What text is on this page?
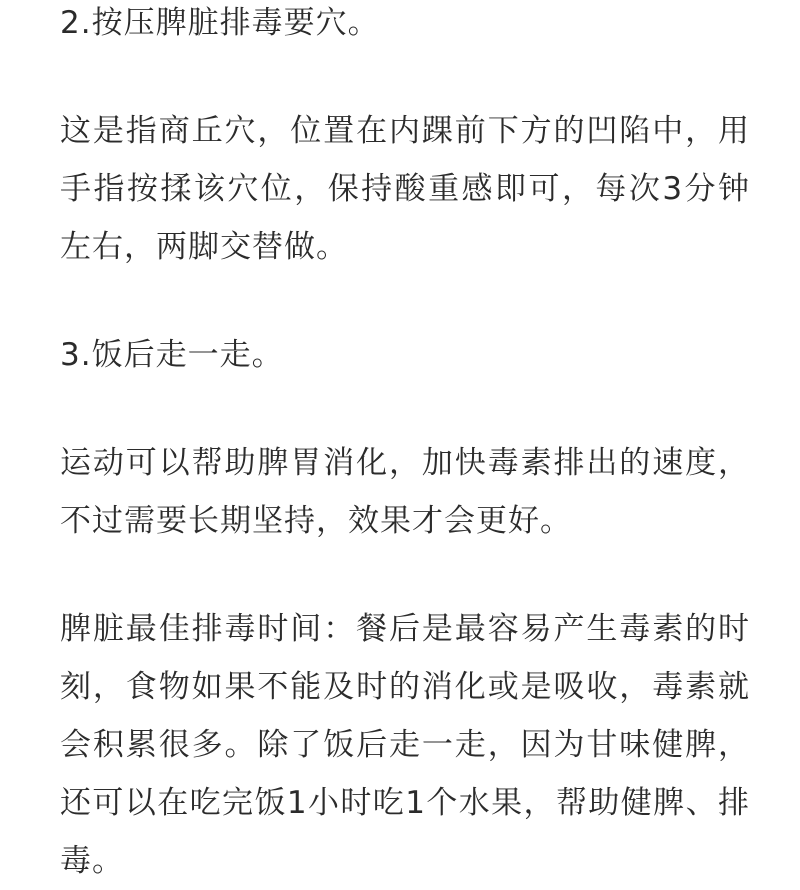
2.按压脾脏排毒要穴。

这是指商丘穴，位置在内踝前下方的凹陷中，用手指按揉该穴位，保持酸重感即可，每次3分钟左右，两脚交替做。

3.饭后走一走。

运动可以帮助脾胃消化，加快毒素排出的速度，不过需要长期坚持，效果才会更好。

脾脏最佳排毒时间：餐后是最容易产生毒素的时刻，食物如果不能及时的消化或是吸收，毒素就会积累很多。除了饭后走一走，因为甘味健脾，还可以在吃完饭1小时吃1个水果，帮助健脾、排毒。
